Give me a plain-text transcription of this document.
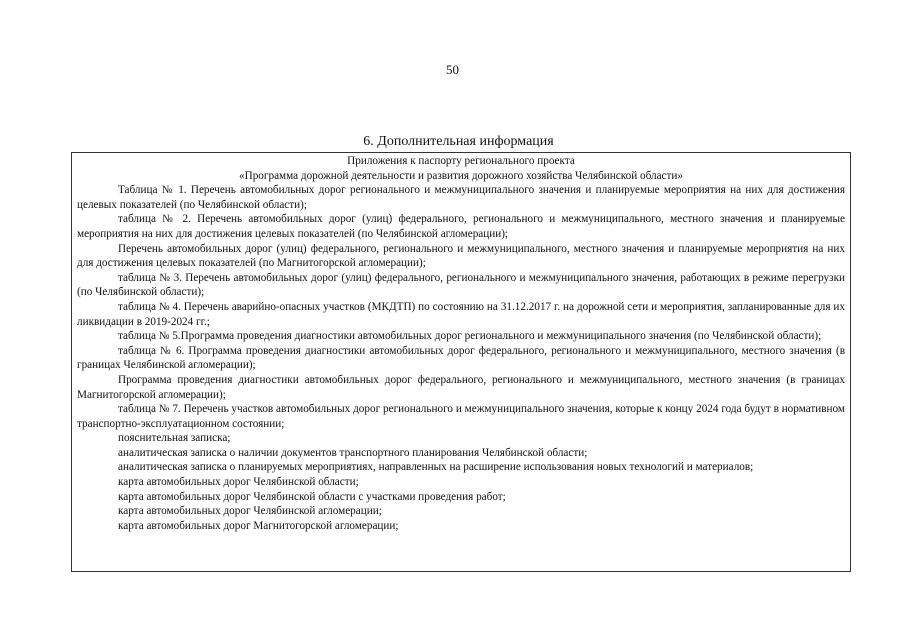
50
6. Дополнительная информация

Приложения к паспорту регионального проекта

«Программа дорожной деятельности и развития дорожного хозяйства Челябинской области»

Таблица № 1. Перечень автомобильных дорог регионального и межмуниципального значения и планируемые мероприятия на них для достижения целевых показателей (по Челябинской области);

таблица № 2. Перечень автомобильных дорог (улиц) федерального, регионального и межмуниципального, местного значения и планируемые мероприятия на них для достижения целевых показателей (по Челябинской агломерации);

Перечень автомобильных дорог (улиц) федерального, регионального и межмуниципального, местного значения и планируемые мероприятия на них для достижения целевых показателей (по Магнитогорской агломерации);

таблица № 3. Перечень автомобильных дорог (улиц) федерального, регионального и межмуниципального значения, работающих в режиме перегрузки (по Челябинской области);

таблица № 4. Перечень аварийно-опасных участков (МКДТП) по состоянию на 31.12.2017 г. на дорожной сети и мероприятия, запланированные для их ликвидации в 2019-2024 гг.;

таблица № 5.Программа проведения диагностики автомобильных дорог регионального и межмуниципального значения (по Челябинской области);

таблица № 6. Программа проведения диагностики автомобильных дорог федерального, регионального и межмуниципального, местного значения (в границах Челябинской агломерации);

Программа проведения диагностики автомобильных дорог федерального, регионального и межмуниципального, местного значения (в границах Магнитогорской агломерации);

таблица № 7. Перечень участков автомобильных дорог регионального и межмуниципального значения, которые к концу 2024 года будут в нормативном транспортно-эксплуатационном состоянии;

пояснительная записка;

аналитическая записка о наличии документов транспортного планирования Челябинской области;

аналитическая записка о планируемых мероприятиях, направленных на расширение использования новых технологий и материалов;

карта автомобильных дорог Челябинской области;

карта автомобильных дорог Челябинской области с участками проведения работ;

карта автомобильных дорог Челябинской агломерации;

карта автомобильных дорог Магнитогорской агломерации;
